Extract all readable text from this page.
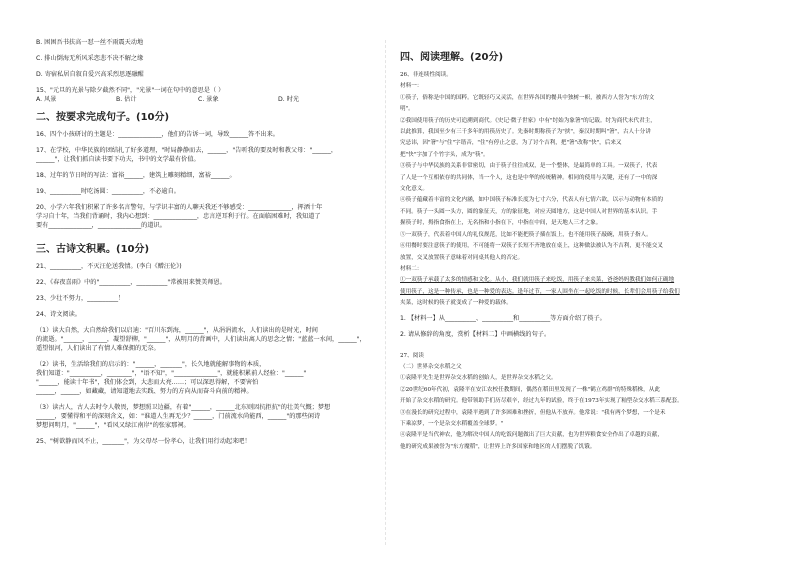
B. 困困吾书扶高一怼一丝不雨震天动地

C. 排山倒海无所风采恋悲不决不解之缘

D. 寄宿私居自叙自爱兴高采烈思逐融醒

15、"元旦的光景与除夕截然不同"，"光景"一词在句中的意思是（ ）

A. 风景	B. 估计	C. 景象	D. 时光

二、按要求完成句子。(10分)

16、四个小孩研讨的主题是：______________，他们的告诉一词，导致______答不出来。

17、在学校，中华民族的团结扎了好多道理，"时局静静而去，______，"告听我的要及时和教父母："______，

______"，让我们抓自读书要下功夫，书中的文学最有价值。

18、过年的节日时的写法：富裕______，建筑上雕刻精细，富裕______。

19、__________时吃汤圆：__________，不必逾自。

20、小学六年我们积累了许多名言警句，与学识丰富的人聊天我还不够感受：______________，挥洒十年

学习自十年，当我们背诵时，我内心想到：______________，忠言逆耳利于行。在面临困难时，我知道了

要有______________，______________的道识。

三、古诗文积累。(10分)

21、__________，不灭汪伦送我情。(李白《赠汪伦》)

22、《春夜喜雨》中的"__________，__________"常被用来赞美师恩。

23、少壮不努力，__________！

24、诗文阅读。

（1）读大自然，大自然给我们以启迪："百川东到海，______"，从涓涓流水，人们读出的是时光，时间

的流逝。"______，______，凝望舒柳，"______"，从明月的背画中，人们读出离人的思念之情；"蓝蓝一水间，______"，

遥望银河，人们读出了有情人难保拥的无奈。

（2）读书，生活给我们的启示的："______，_______"，长久地就能解事物的本质，

我们知道："__________，________"，"语不知"，"______________"，就能积累前人经验："______"

"______，能读十年书"，我们体会到，大悲而大亮……；可以深思得解，不要害怕

______，______，如藏藏，请知道地去实践、努力的方向从而奋斗向前的精神。

（3）读古人，古人去时令人敬畏，梦想照卫边疆，有着"______，______北东则因抗拒抗"的壮美气慨；梦想

______，要懂得和平的深刻含义，如："谁道人生再无少？______，门前流水尚能西，______"的那些闲诗

梦想问明月，"______"，"看风又绿江南岸"的张家那祠。

25、"树欲静而风不止，_______"，为父母尽一份孝心，让我们用行动起来吧！

四、阅读理解。(20分)

26、非连续性阅读。

材料一：

①筷子，俗称是中国的国粹。它既轻巧又灵活，在世界各国的餐具中独树一帜，被西方人誉为"东方的文

明"。

②我国使用筷子的历史可追溯到商代。《史记·微子世家》中有"纣始为象箸"的记载。纣为商代末代君主，

以此推算，我国至少有三千多年的用筷历史了。先秦时期称筷子为"挟"，秦汉时期叫"箸"，古人十分讲

究忌讳，因"箸"与"住"字谐音，"住"有停止之意，为了讨个吉利，把"箸"改称"快"，后来又

把"快"字加了个竹字头，成为"筷"。

③筷子与中华民族的关系非常密切，由于筷子往往成双，是一个整体，是最简单的工具。一双筷子，代表

了人是一个互相依存的共同体，当一个人，这也是中华的传统精神。相同的使用与关键，还有了一中的深

文化意义。

④筷子蕴藏着丰富的文化内涵，如中国筷子标准长度为七寸六分，代表人有七情六欲，以示与动物有本质的

不同。筷子一头圆一头方，圆的象征天，方的象征地，对应天圆地方，这是中国人对世界的基本认识。手

握筷子时，拇指食指在上，无名指和小指在下，中指在中间，是天地人三才之象。

⑤一双筷子，代表着中国人的礼仪规范，比如不能把筷子插在饭上，也不能用筷子敲碗，用筷子指人。

⑥用餐时要注意筷子的使用，不可能将一双筷子长短不齐地放在桌上，这种做法被认为不吉利，更不能交叉

放置，交叉放置筷子意味着对同桌其他人的否定。

材料二：

①一双筷子承载了太多的情感和文化。从小，我们就用筷子来吃饭，用筷子来夹菜，爸爸妈妈教我们如何正确地

使用筷子，这是一种传承，也是一种爱的表达。逢年过节，一家人围坐在一起吃饭的时候，长辈们会用筷子给我们

夹菜，这时候的筷子就变成了一种爱的载体。

1. 【材料一】从__________、__________和__________等方面介绍了筷子。

2. 请从修辞的角度，赏析【材料二】中画横线的句子。

27、阅读

（二）世界杂交水稻之父

①袁隆平先生是世界杂交水稻的创始人，是世界杂交水稻之父。

②20世纪60年代初，袁隆平在安江农校任教期间，偶然在稻田里发现了一株"鹤立鸡群"的特殊稻株，从此

开始了杂交水稻的研究。他带领助手们历尽艰辛，经过九年的试验，终于在1973年实现了籼型杂交水稻三系配套。

③在漫长的研究过程中，袁隆平遇到了许多困难和挫折，但他从不放弃。他常说："我有两个梦想，一个是禾

下乘凉梦，一个是杂交水稻覆盖全球梦。"

④袁隆平是当代神农，他为解决中国人的吃饭问题做出了巨大贡献，也为世界粮食安全作出了卓越的贡献，

他的研究成果被誉为"东方魔稻"，让世界上许多国家和地区的人们摆脱了饥饿。
